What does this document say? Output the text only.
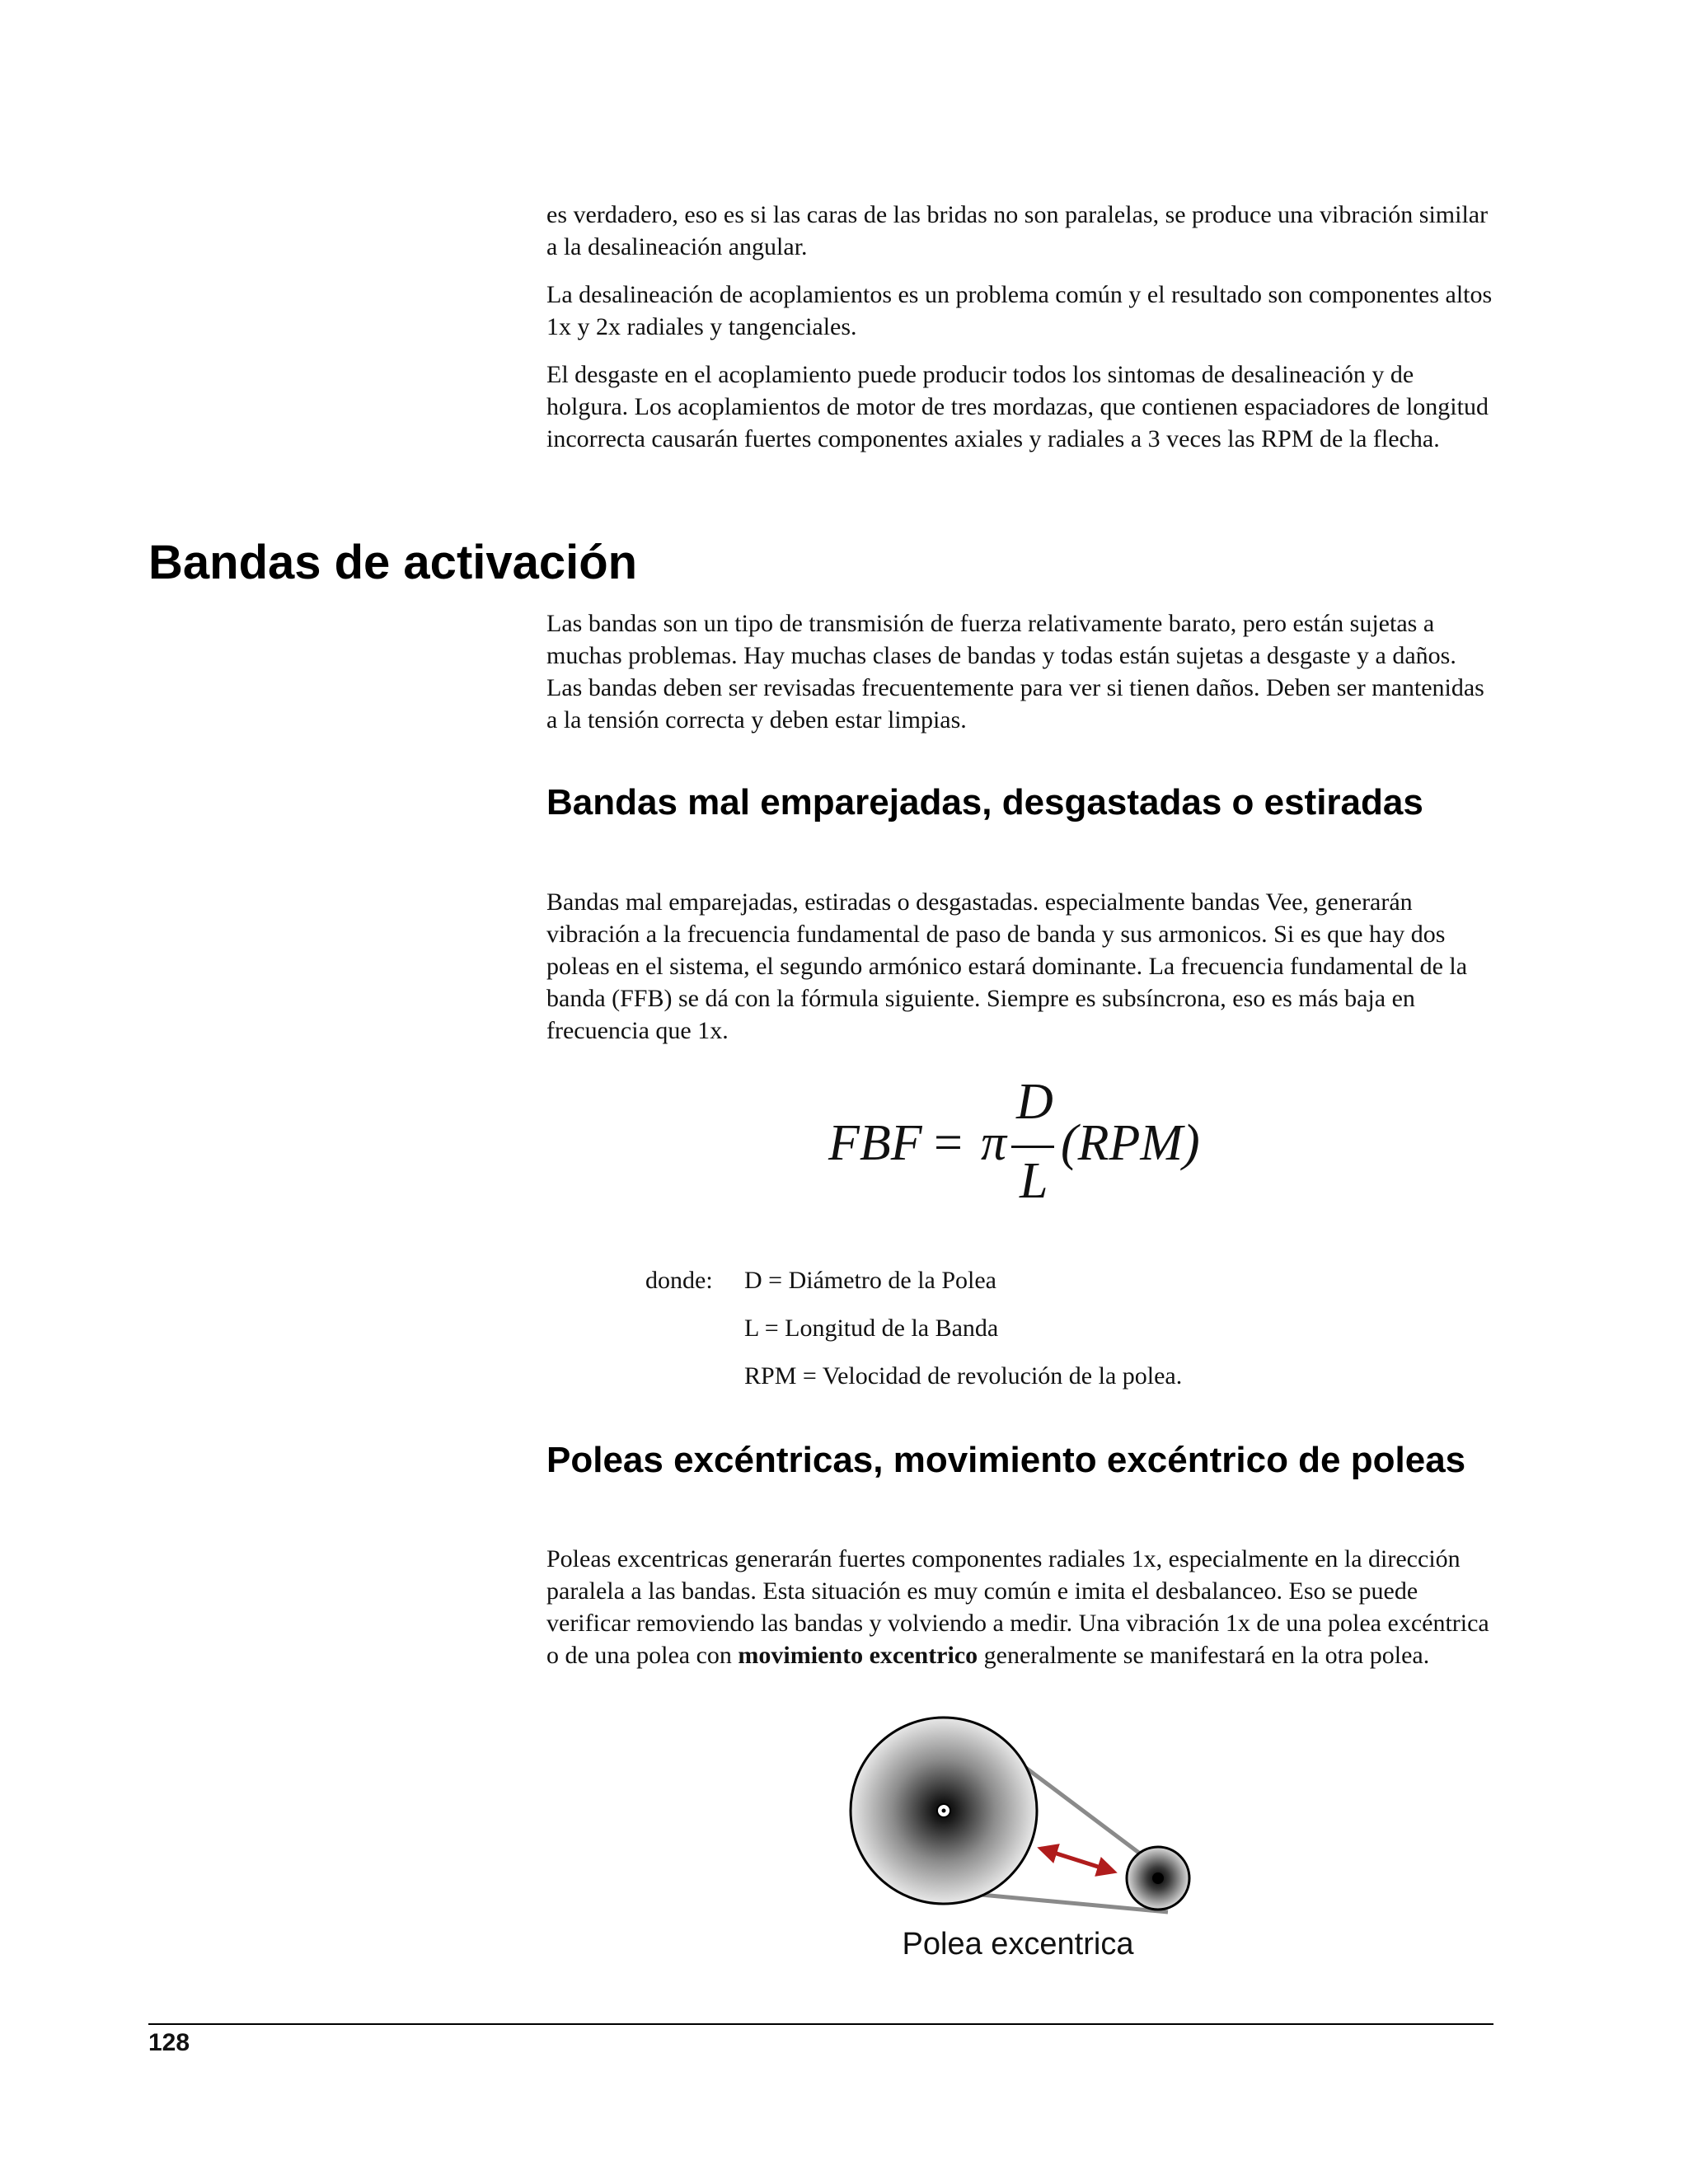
es verdadero, eso es si las caras de las bridas no son paralelas, se produce una vibración similar a la desalineación angular.

La desalineación de acoplamientos es un problema común y el resultado son componentes altos 1x y 2x radiales y tangenciales.

El desgaste en el acoplamiento puede producir todos los sintomas de desalineación y de holgura. Los acoplamientos de motor de tres mordazas, que contienen espaciadores de longitud incorrecta causarán fuertes componentes axiales y radiales a 3 veces las RPM de la flecha.

Bandas de activación

Las bandas son un tipo de transmisión de fuerza relativamente barato, pero están sujetas a muchas problemas. Hay muchas clases de bandas y todas están sujetas a desgaste y a daños. Las bandas deben ser revisadas frecuentemente para ver si tienen daños. Deben ser mantenidas a la tensión correcta y deben estar limpias.

Bandas mal emparejadas, desgastadas o estiradas

Bandas mal emparejadas, estiradas o desgastadas. especialmente bandas Vee, generarán vibración a la frecuencia fundamental de paso de banda y sus armonicos. Si es que hay dos poleas en el sistema, el segundo armónico estará dominante. La frecuencia fundamental de la banda (FFB) se dá con la fórmula siguiente. Siempre es subsíncrona, eso es más baja en frecuencia que 1x.

FBF = π
D
L
(RPM)
donde: D = Diámetro de la Polea
L = Longitud de la Banda
RPM = Velocidad de revolución de la polea.
Poleas excéntricas, movimiento excéntrico de poleas

Poleas excentricas generarán fuertes componentes radiales 1x, especialmente en la dirección paralela a las bandas. Esta situación es muy común e imita el desbalanceo. Eso se puede verificar removiendo las bandas y volviendo a medir. Una vibración 1x de una polea excéntrica o de una polea con movimiento excentrico generalmente se manifestará en la otra polea.

Polea excentrica
128
